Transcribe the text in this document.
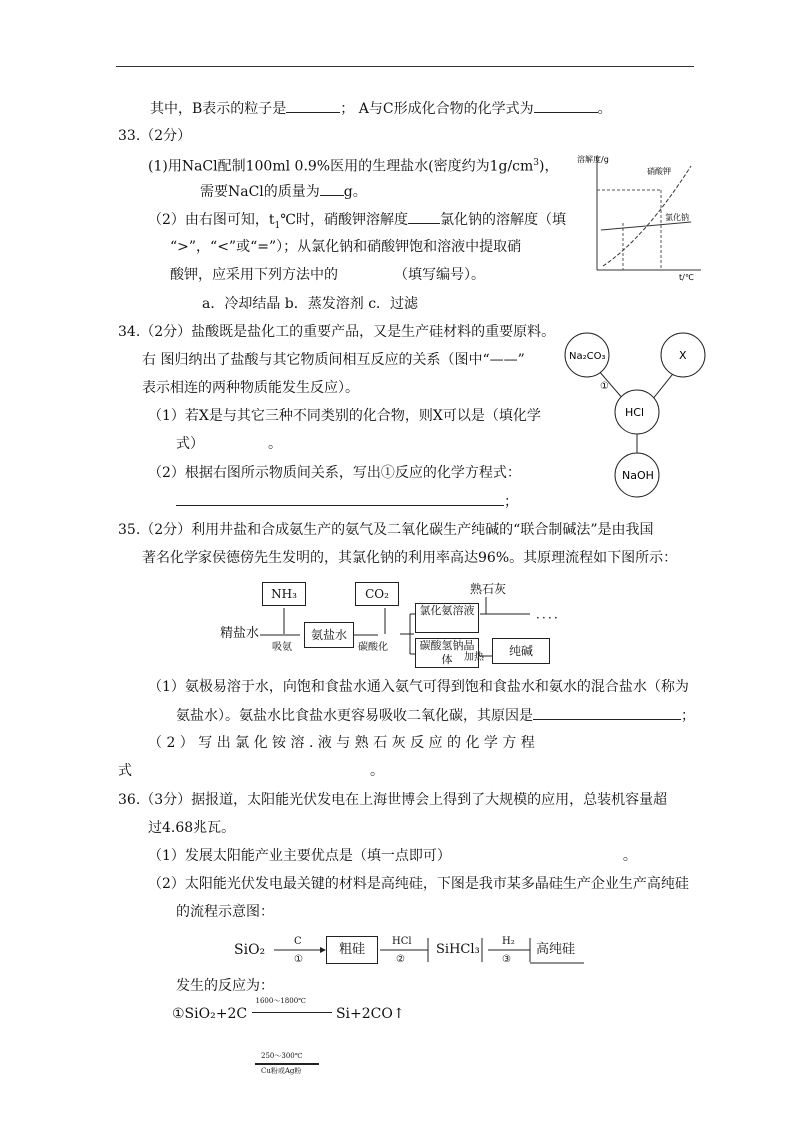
其中，B表示的粒子是	； A与C形成化合物的化学式为	。
33.（2分）
(1)用NaCl配制100ml 0.9%医用的生理盐水(密度约为$1g/cm^3$)，
需要NaCl的质量为 g。
（2）由右图可知，$t_1℃$时，硝酸钾溶解度 氯化钠的溶解度（填
“>”，“<”或“=”）；从氯化钠和硝酸钾饱和溶液中提取硝
酸钾，应采用下列方法中的	（填写编号）。
a．冷却结晶 b．蒸发溶剂 c．过滤
溶解度/g
硝酸钾
氯化钠
t/℃
34.（2分）盐酸既是盐化工的重要产品，又是生产硅材料的重要原料。
右 图归纳出了盐酸与其它物质间相互反应的关系（图中“——”
表示相连的两种物质能发生反应）。
（1）若X是与其它三种不同类别的化合物，则X可以是（填化学
式）	。
（2）根据右图所示物质间关系，写出①反应的化学方程式：
；
Na₂CO₃	X
HCl
NaOH
①
35.（2分）利用井盐和合成氨生产的氨气及二氧化碳生产纯碱的“联合制碱法”是由我国
著名化学家侯德傍先生发明的，其氯化钠的利用率高达96%。其原理流程如下图所示：
NH₃	CO₂
精盐水
吸氨
氨盐水
碳酸化
氯化氨溶液
碳酸氢钠晶体
熟石灰
．．．．
加热	纯碱
（1）氨极易溶于水，向饱和食盐水通入氨气可得到饱和食盐水和氨水的混合盐水（称为
氨盐水）。氨盐水比食盐水更容易吸收二氧化碳，其原因是	；
（ 2 ） 写 出 氯 化 铵 溶 . 液 与 熟 石 灰 反 应 的 化 学 方 程
式	。
36.（3分）据报道，太阳能光伏发电在上海世博会上得到了大规模的应用，总装机容量超
过4.68兆瓦。
（1）发展太阳能产业主要优点是（填一点即可）	。
（2）太阳能光伏发电最关键的材料是高纯硅，下图是我市某多晶硅生产企业生产高纯硅
的流程示意图：
SiO₂
C
①
粗硅
HCl
②
SiHCl₃
H₂
③
高纯硅
发生的反应为：
①SiO₂+2C
1600～1800℃
Si+2CO↑
250～300℃
Cu粉或Ag粉
